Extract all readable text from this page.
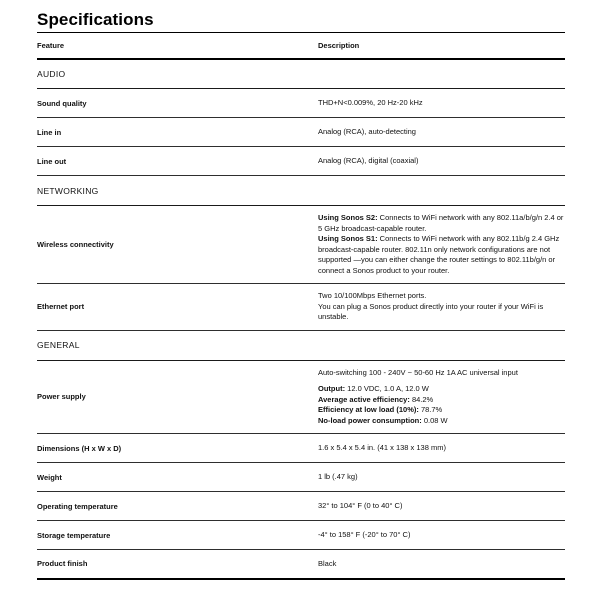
Specifications
Feature	Description
AUDIO	
Sound quality	THD+N<0.009%, 20 Hz-20 kHz

Line in	Analog (RCA), auto-detecting

Line out	Analog (RCA), digital (coaxial)

NETWORKING	
Wireless connectivity	Using Sonos S2: Connects to WiFi network with any 802.11a/b/g/n 2.4 or 5 GHz broadcast-capable router.
Using Sonos S1: Connects to WiFi network with any 802.11b/g 2.4 GHz broadcast-capable router. 802.11n only network configurations are not supported —you can either change the router settings to 802.11b/g/n or connect a Sonos product to your router.

Ethernet port	Two 10/100Mbps Ethernet ports.
You can plug a Sonos product directly into your router if your WiFi is unstable.

GENERAL	
Power supply	Auto-switching 100 - 240V ~ 50-60 Hz 1A AC universal input
Output: 12.0 VDC, 1.0 A, 12.0 W
Average active efficiency: 84.2%
Efficiency at low load (10%): 78.7%
No-load power consumption: 0.08 W

Dimensions (H x W x D)	1.6 x 5.4 x 5.4 in. (41 x 138 x 138 mm)

Weight	1 lb (.47 kg)

Operating temperature	32° to 104° F (0 to 40° C)

Storage temperature	-4° to 158° F (-20° to 70° C)

Product finish	Black
